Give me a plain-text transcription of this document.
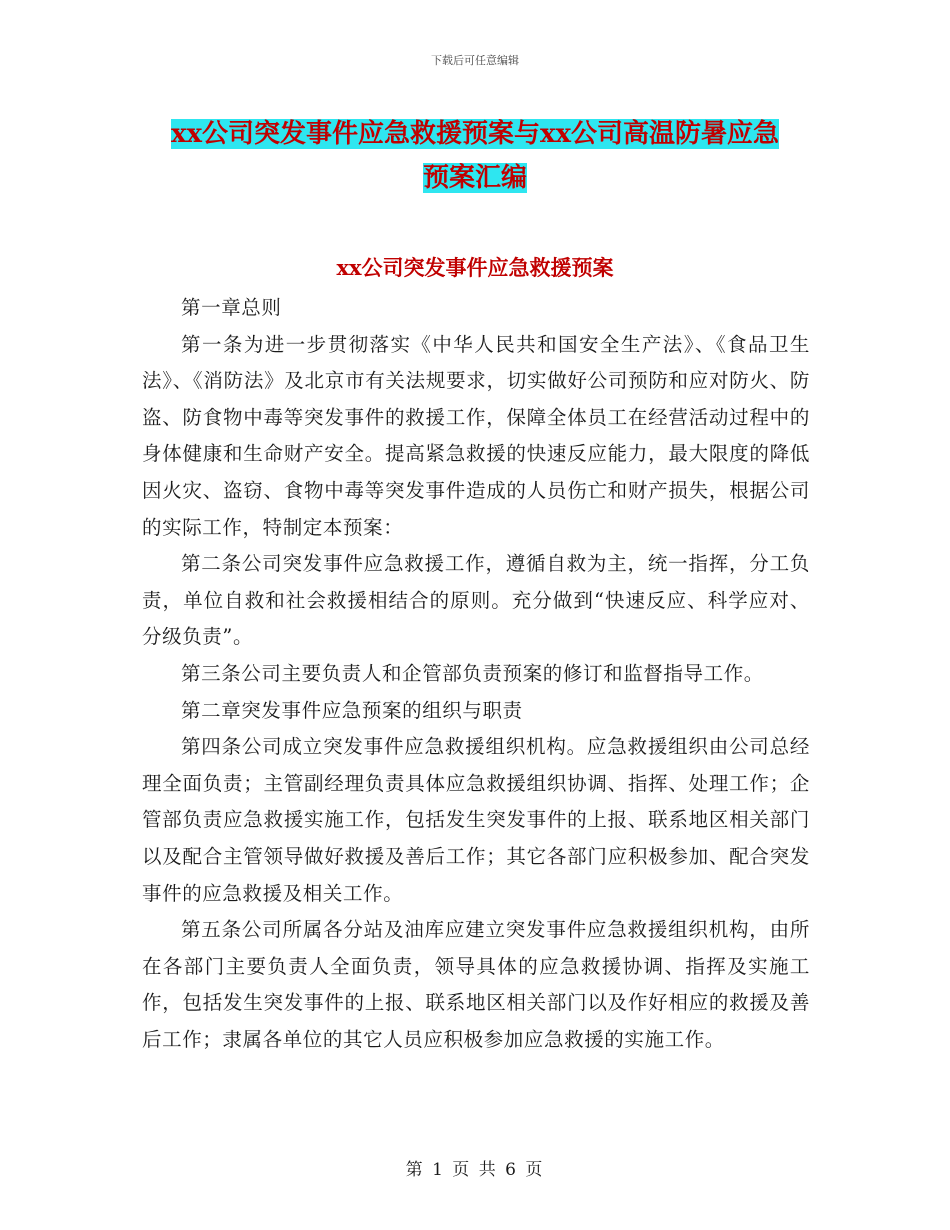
下载后可任意编辑
xx公司突发事件应急救援预案与xx公司高温防暑应急
预案汇编
xx公司突发事件应急救援预案

第一章总则

第一条为进一步贯彻落实《中华人民共和国安全生产法》、《食品卫生法》、《消防法》及北京市有关法规要求，切实做好公司预防和应对防火、防盗、防食物中毒等突发事件的救援工作，保障全体员工在经营活动过程中的身体健康和生命财产安全。提高紧急救援的快速反应能力，最大限度的降低因火灾、盗窃、食物中毒等突发事件造成的人员伤亡和财产损失，根据公司的实际工作，特制定本预案：

第二条公司突发事件应急救援工作，遵循自救为主，统一指挥，分工负责，单位自救和社会救援相结合的原则。充分做到“快速反应、科学应对、分级负责”。

第三条公司主要负责人和企管部负责预案的修订和监督指导工作。

第二章突发事件应急预案的组织与职责

第四条公司成立突发事件应急救援组织机构。应急救援组织由公司总经理全面负责；主管副经理负责具体应急救援组织协调、指挥、处理工作；企管部负责应急救援实施工作，包括发生突发事件的上报、联系地区相关部门以及配合主管领导做好救援及善后工作；其它各部门应积极参加、配合突发事件的应急救援及相关工作。

第五条公司所属各分站及油库应建立突发事件应急救援组织机构，由所在各部门主要负责人全面负责，领导具体的应急救援协调、指挥及实施工作，包括发生突发事件的上报、联系地区相关部门以及作好相应的救援及善后工作；隶属各单位的其它人员应积极参加应急救援的实施工作。

第 1 页 共 6 页
